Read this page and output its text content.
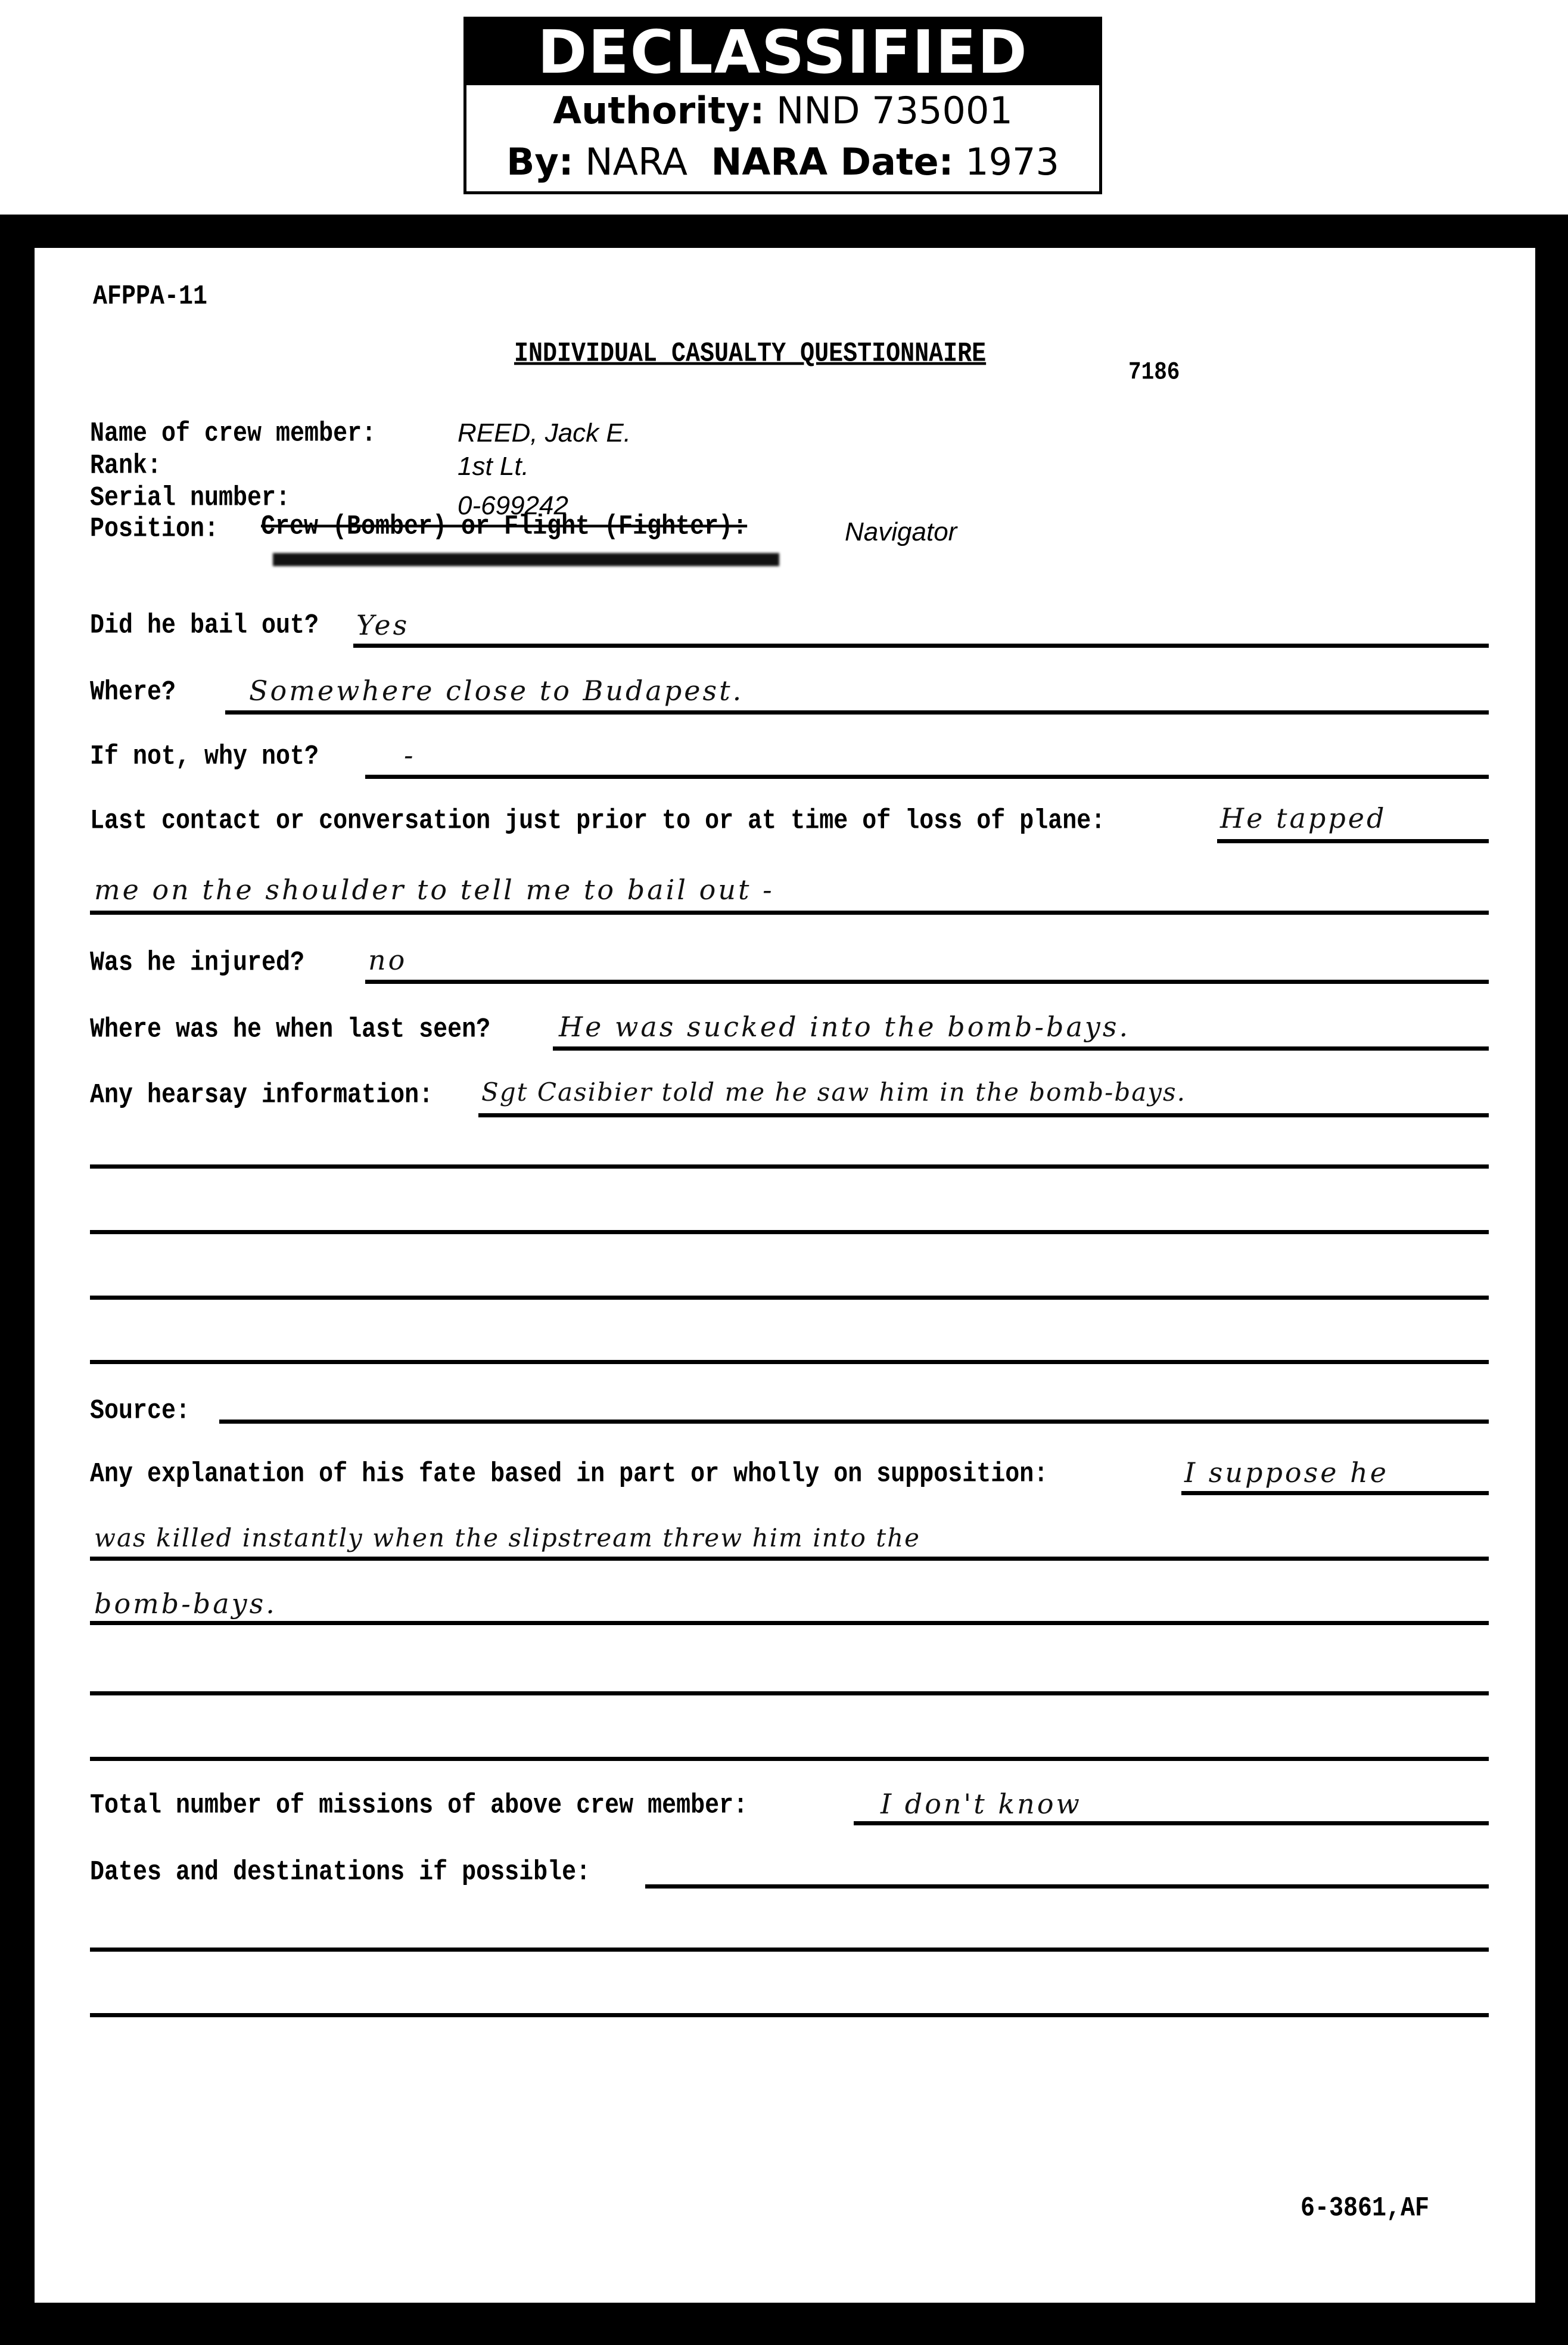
DECLASSIFIED
Authority: NND 735001
By: NARA NARA Date: 1973
AFPPA-11
INDIVIDUAL CASUALTY QUESTIONNAIRE
7186
Name of crew member:	REED, Jack E.
Rank:	1st Lt.
Serial number:	0-699242
Position: Crew (Bomber) or Flight (Fighter):	Navigator
Did he bail out? Yes
Where?	Somewhere close to Budapest.
If not, why not?	-
Last contact or conversation just prior to or at time of loss of plane:	He tapped
me on the shoulder to tell me to bail out -
Was he injured? no
Where was he when last seen? He was sucked into the bomb-bays.
Any hearsay information: Sgt Casibier told me he saw him in the bomb-bays.
Source:
Any explanation of his fate based in part or wholly on supposition:	I suppose he
was killed instantly when the slipstream threw him into the
bomb-bays.
Total number of missions of above crew member:	I don't know
Dates and destinations if possible:
6-3861,AF
